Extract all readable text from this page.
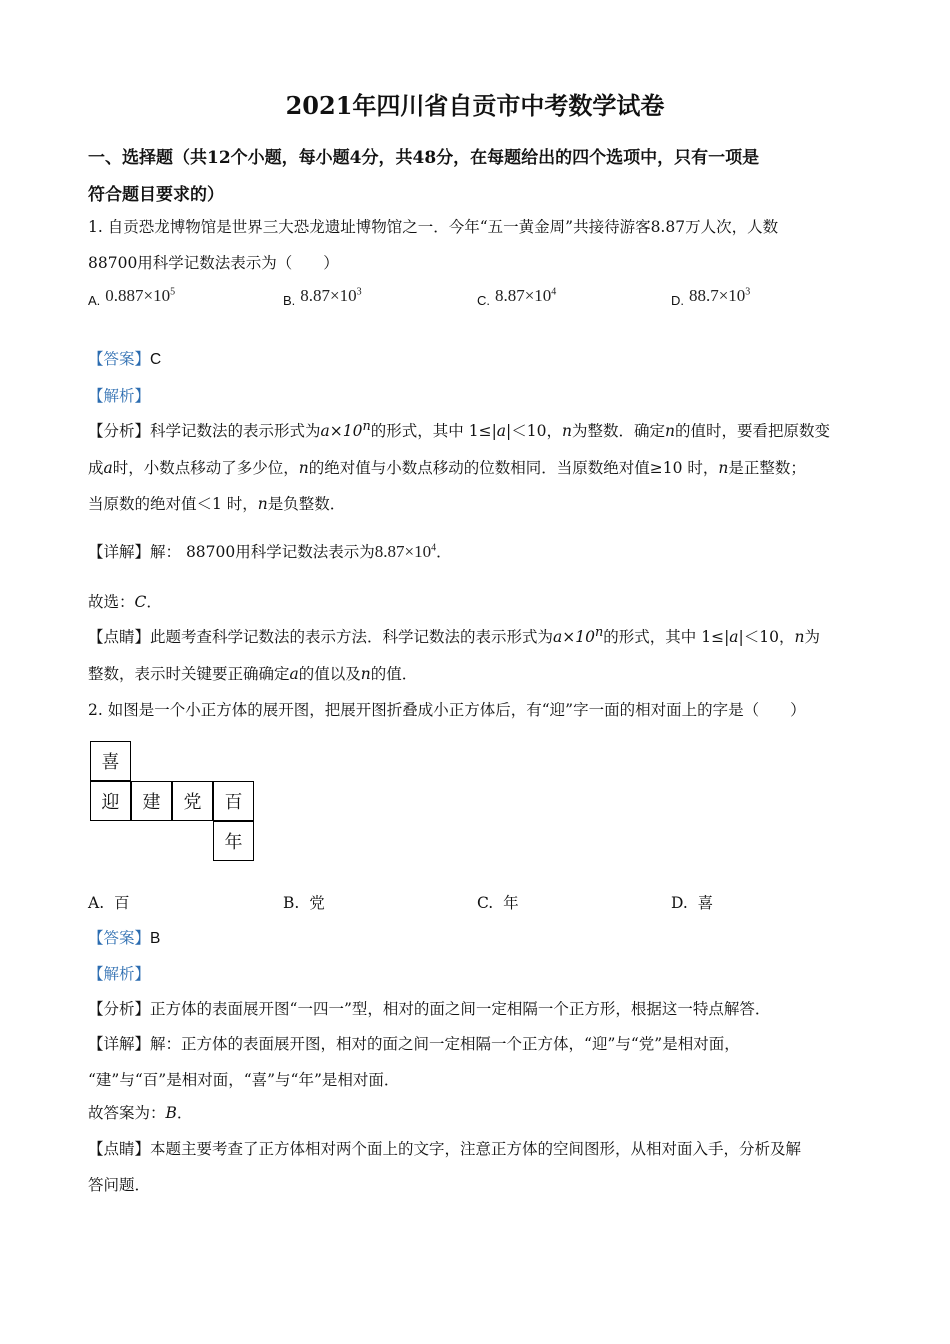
2021年四川省自贡市中考数学试卷
一、选择题（共12个小题，每小题4分，共48分，在每题给出的四个选项中，只有一项是
符合题目要求的）
1. 自贡恐龙博物馆是世界三大恐龙遗址博物馆之一．今年“五一黄金周”共接待游客8.87万人次，人数
88700用科学记数法表示为（　　）
$_{A.}$ $0.887\times 10^5$
$_{B.}$ $8.87\times 10^3$
$_{C.}$ $8.87\times 10^4$
$_{D.}$ $88.7\times 10^3$
【答案】C
【解析】
【分析】科学记数法的表示形式为$a\times 10^n$的形式，其中 1≤|a|＜10，n为整数．确定n的值时，要看把原数变
成a时，小数点移动了多少位，n的绝对值与小数点移动的位数相同．当原数绝对值≥10 时，n是正整数；
当原数的绝对值＜1 时，n是负整数．
【详解】解： 88700用科学记数法表示为$8.87\times 10^4$．
故选：C．
【点睛】此题考查科学记数法的表示方法．科学记数法的表示形式为$a\times 10^n$的形式，其中 1≤|a|＜10，n为
整数，表示时关键要正确确定a的值以及n的值．
2. 如图是一个小正方体的展开图，把展开图折叠成小正方体后，有“迎”字一面的相对面上的字是（　　）
喜
迎	建	党	百
年
A. 百	B. 党	C. 年	D. 喜
【答案】B
【解析】
【分析】正方体的表面展开图“一四一”型，相对的面之间一定相隔一个正方形，根据这一特点解答．
【详解】解：正方体的表面展开图，相对的面之间一定相隔一个正方体，“迎”与“党”是相对面，
“建”与“百”是相对面，“喜”与“年”是相对面．
故答案为：B．
【点睛】本题主要考查了正方体相对两个面上的文字，注意正方体的空间图形，从相对面入手，分析及解
答问题．
